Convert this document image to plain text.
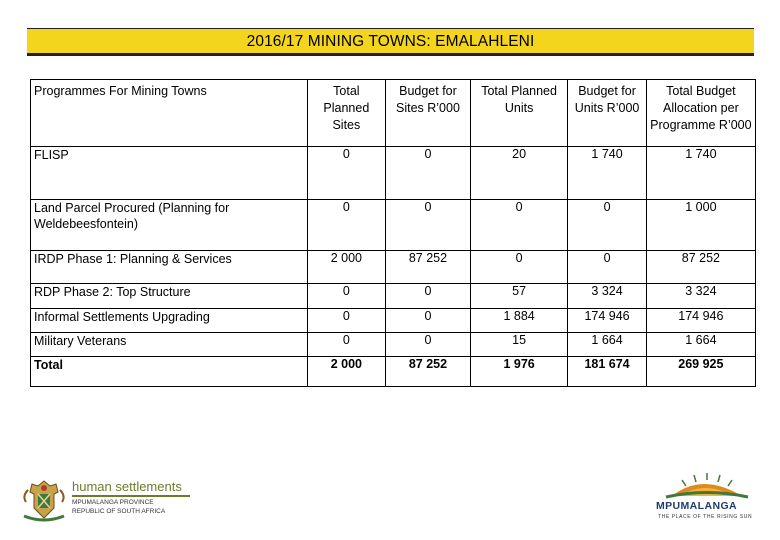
2016/17 MINING TOWNS: EMALAHLENI
Programmes For Mining Towns	Total Planned Sites	Budget for Sites R’000	Total Planned Units	Budget for Units R’000	Total Budget Allocation per Programme R’000
FLISP	0	0	20	1 740	1 740
Land Parcel Procured (Planning for Weldebeesfontein)	0	0	0	0	1 000
IRDP Phase 1: Planning & Services	2 000	87 252	0	0	87 252
RDP Phase 2: Top Structure	0	0	57	3 324	3 324
Informal Settlements Upgrading	0	0	1 884	174 946	174 946
Military Veterans	0	0	15	1 664	1 664
Total	2 000	87 252	1 976	181 674	269 925
human settlements
MPUMALANGA PROVINCE
REPUBLIC OF SOUTH AFRICA	MPUMALANGA
THE PLACE OF THE RISING SUN
